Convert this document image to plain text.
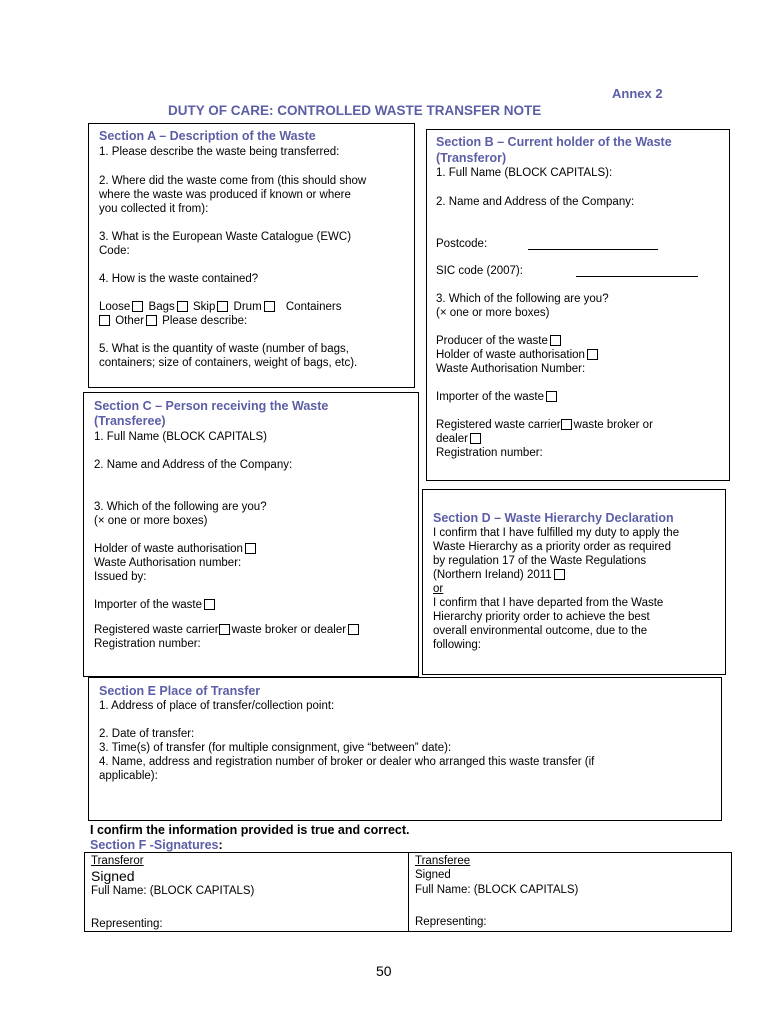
Annex 2
DUTY OF CARE: CONTROLLED WASTE TRANSFER NOTE
Section A – Description of the Waste
1. Please describe the waste being transferred:
2. Where did the waste come from (this should show
where the waste was produced if known or where
you collected it from):
3. What is the European Waste Catalogue (EWC)
Code:
4. How is the waste contained?
Loose Bags Skip Drum Containers
Other Please describe:
5. What is the quantity of waste (number of bags,
containers; size of containers, weight of bags, etc).
Section B – Current holder of the Waste
(Transferor)
1. Full Name (BLOCK CAPITALS):
2. Name and Address of the Company:
Postcode:
SIC code (2007):
3. Which of the following are you?
(× one or more boxes)
Producer of the waste
Holder of waste authorisation
Waste Authorisation Number:
Importer of the waste
Registered waste carrier waste broker or
dealer
Registration number:
Section C – Person receiving the Waste
(Transferee)
1. Full Name (BLOCK CAPITALS)
2. Name and Address of the Company:
3. Which of the following are you?
(× one or more boxes)
Holder of waste authorisation
Waste Authorisation number:
Issued by:
Importer of the waste
Registered waste carrier waste broker or dealer
Registration number:
Section D – Waste Hierarchy Declaration
I confirm that I have fulfilled my duty to apply the
Waste Hierarchy as a priority order as required
by regulation 17 of the Waste Regulations
(Northern Ireland) 2011
or
I confirm that I have departed from the Waste
Hierarchy priority order to achieve the best
overall environmental outcome, due to the
following:
Section E Place of Transfer
1. Address of place of transfer/collection point:
2. Date of transfer:
3. Time(s) of transfer (for multiple consignment, give “between” date):
4. Name, address and registration number of broker or dealer who arranged this waste transfer (if
applicable):
I confirm the information provided is true and correct.
Section F -Signatures:
Transferor
Signed
Full Name: (BLOCK CAPITALS)
Representing:

Transferee
Signed
Full Name: (BLOCK CAPITALS)
Representing:
50
